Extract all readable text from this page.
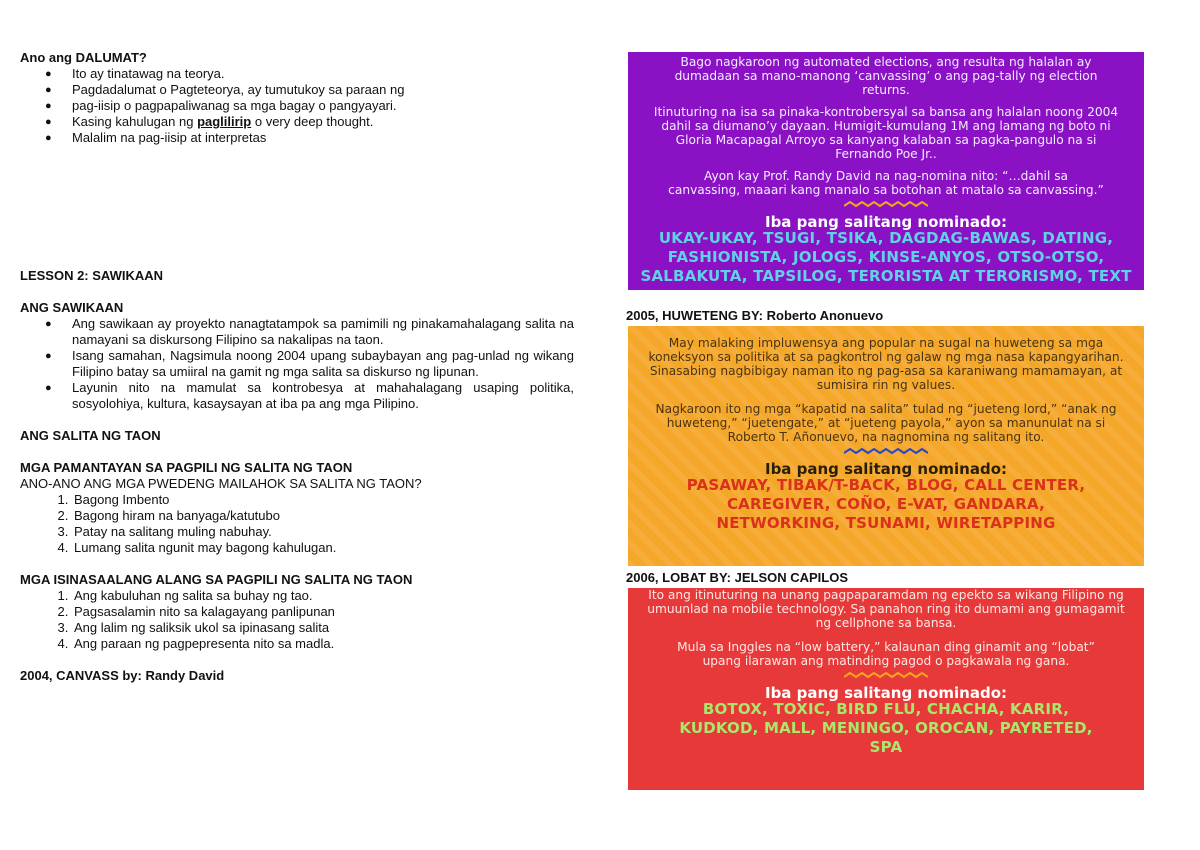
Ano ang DALUMAT?

● Ito ay tinatawag na teorya.
● Pagdadalumat o Pagteteorya, ay tumutukoy sa paraan ng
● pag-iisip o pagpapaliwanag sa mga bagay o pangyayari.
● Kasing kahulugan ng paglilirip o very deep thought.
● Malalim na pag-iisip at interpretas

LESSON 2: SAWIKAAN

ANG SAWIKAAN

● Ang sawikaan ay proyekto nanagtatampok sa pamimili ng pinakamahalagang salita na namayani sa diskursong Filipino sa nakalipas na taon.
● Isang samahan, Nagsimula noong 2004 upang subaybayan ang pag-unlad ng wikang Filipino batay sa umiiral na gamit ng mga salita sa diskurso ng lipunan.
● Layunin nito na mamulat sa kontrobesya at mahahalagang usaping politika, sosyolohiya, kultura, kasaysayan at iba pa ang mga Pilipino.

ANG SALITA NG TAON

MGA PAMANTAYAN SA PAGPILI NG SALITA NG TAON

ANO-ANO ANG MGA PWEDENG MAILAHOK SA SALITA NG TAON?

1. Bagong Imbento
2. Bagong hiram na banyaga/katutubo
3. Patay na salitang muling nabuhay.
4. Lumang salita ngunit may bagong kahulugan.

MGA ISINASAALANG ALANG SA PAGPILI NG SALITA NG TAON

1. Ang kabuluhan ng salita sa buhay ng tao.
2. Pagsasalamin nito sa kalagayang panlipunan
3. Ang lalim ng saliksik ukol sa ipinasang salita
4. Ang paraan ng pagpepresenta nito sa madla.

2004, CANVASS by: Randy David

Bago nagkaroon ng automated elections, ang resulta ng halalan ay dumadaan sa mano-manong ‘canvassing’ o ang pag-tally ng election returns.

Itinuturing na isa sa pinaka-kontrobersyal sa bansa ang halalan noong 2004 dahil sa diumano’y dayaan. Humigit-kumulang 1M ang lamang ng boto ni Gloria Macapagal Arroyo sa kanyang kalaban sa pagka-pangulo na si Fernando Poe Jr..

Ayon kay Prof. Randy David na nag-nomina nito: “…dahil sa canvassing, maaari kang manalo sa botohan at matalo sa canvassing.”

Iba pang salitang nominado:

UKAY-UKAY, TSUGI, TSIKA, DAGDAG-BAWAS, DATING, FASHIONISTA, JOLOGS, KINSE-ANYOS, OTSO-OTSO, SALBAKUTA, TAPSILOG, TERORISTA AT TERORISMO, TEXT

2005, HUWETENG BY: Roberto Anonuevo

May malaking impluwensya ang popular na sugal na huweteng sa mga koneksyon sa politika at sa pagkontrol ng galaw ng mga nasa kapangyarihan. Sinasabing nagbibigay naman ito ng pag-asa sa karaniwang mamamayan, at sumisira rin ng values.

Nagkaroon ito ng mga “kapatid na salita” tulad ng “jueteng lord,” “anak ng huweteng,” “juetengate,” at “jueteng payola,” ayon sa manunulat na si Roberto T. Añonuevo, na nagnomina ng salitang ito.

Iba pang salitang nominado:

PASAWAY, TIBAK/T-BACK, BLOG, CALL CENTER, CAREGIVER, COÑO, E-VAT, GANDARA, NETWORKING, TSUNAMI, WIRETAPPING

2006, LOBAT BY: JELSON CAPILOS

Ito ang itinuturing na unang pagpaparamdam ng epekto sa wikang Filipino ng umuunlad na mobile technology. Sa panahon ring ito dumami ang gumagamit ng cellphone sa bansa.

Mula sa Inggles na “low battery,” kalaunan ding ginamit ang “lobat” upang ilarawan ang matinding pagod o pagkawala ng gana.

Iba pang salitang nominado:

BOTOX, TOXIC, BIRD FLU, CHACHA, KARIR, KUDKOD, MALL, MENINGO, OROCAN, PAYRETED, SPA
